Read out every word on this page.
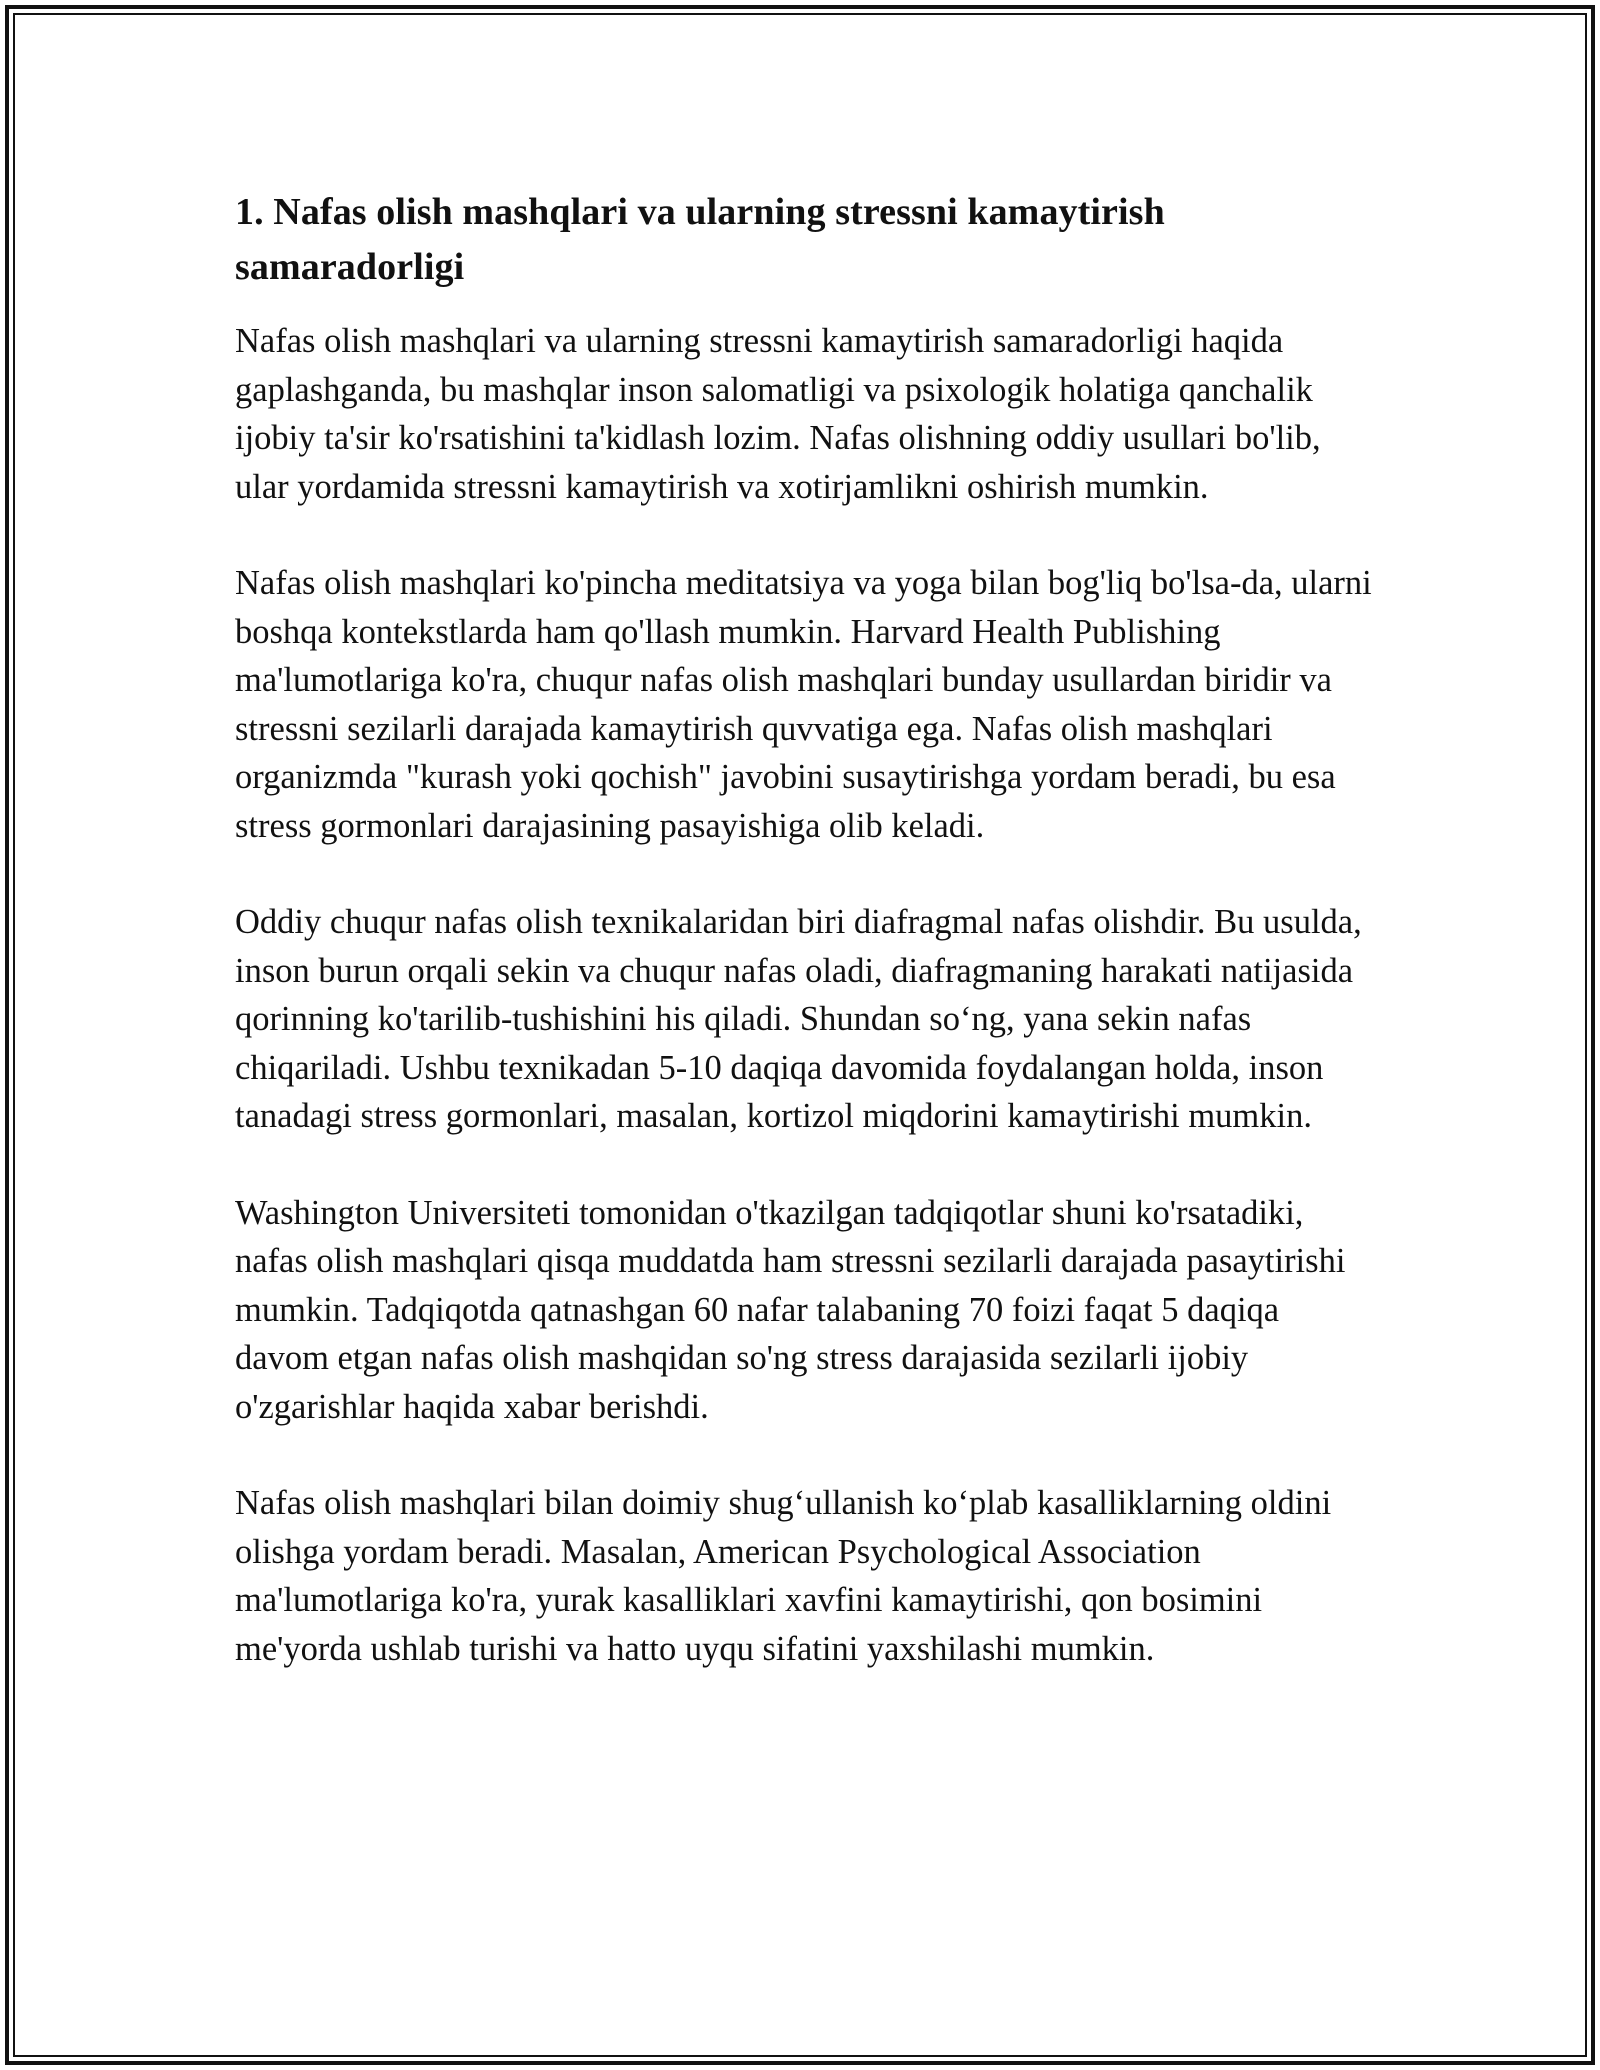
1. Nafas olish mashqlari va ularning stressni kamaytirish samaradorligi

Nafas olish mashqlari va ularning stressni kamaytirish samaradorligi haqida gaplashganda, bu mashqlar inson salomatligi va psixologik holatiga qanchalik ijobiy ta'sir ko'rsatishini ta'kidlash lozim. Nafas olishning oddiy usullari bo'lib, ular yordamida stressni kamaytirish va xotirjamlikni oshirish mumkin.

Nafas olish mashqlari ko'pincha meditatsiya va yoga bilan bog'liq bo'lsa-da, ularni boshqa kontekstlarda ham qo'llash mumkin. Harvard Health Publishing ma'lumotlariga ko'ra, chuqur nafas olish mashqlari bunday usullardan biridir va stressni sezilarli darajada kamaytirish quvvatiga ega. Nafas olish mashqlari organizmda "kurash yoki qochish" javobini susaytirishga yordam beradi, bu esa stress gormonlari darajasining pasayishiga olib keladi.

Oddiy chuqur nafas olish texnikalaridan biri diafragmal nafas olishdir. Bu usulda, inson burun orqali sekin va chuqur nafas oladi, diafragmaning harakati natijasida qorinning ko'tarilib-tushishini his qiladi. Shundan so‘ng, yana sekin nafas chiqariladi. Ushbu texnikadan 5-10 daqiqa davomida foydalangan holda, inson tanadagi stress gormonlari, masalan, kortizol miqdorini kamaytirishi mumkin.

Washington Universiteti tomonidan o'tkazilgan tadqiqotlar shuni ko'rsatadiki, nafas olish mashqlari qisqa muddatda ham stressni sezilarli darajada pasaytirishi mumkin. Tadqiqotda qatnashgan 60 nafar talabaning 70 foizi faqat 5 daqiqa davom etgan nafas olish mashqidan so'ng stress darajasida sezilarli ijobiy o'zgarishlar haqida xabar berishdi.

Nafas olish mashqlari bilan doimiy shug‘ullanish ko‘plab kasalliklarning oldini olishga yordam beradi. Masalan, American Psychological Association ma'lumotlariga ko'ra, yurak kasalliklari xavfini kamaytirishi, qon bosimini me'yorda ushlab turishi va hatto uyqu sifatini yaxshilashi mumkin.
